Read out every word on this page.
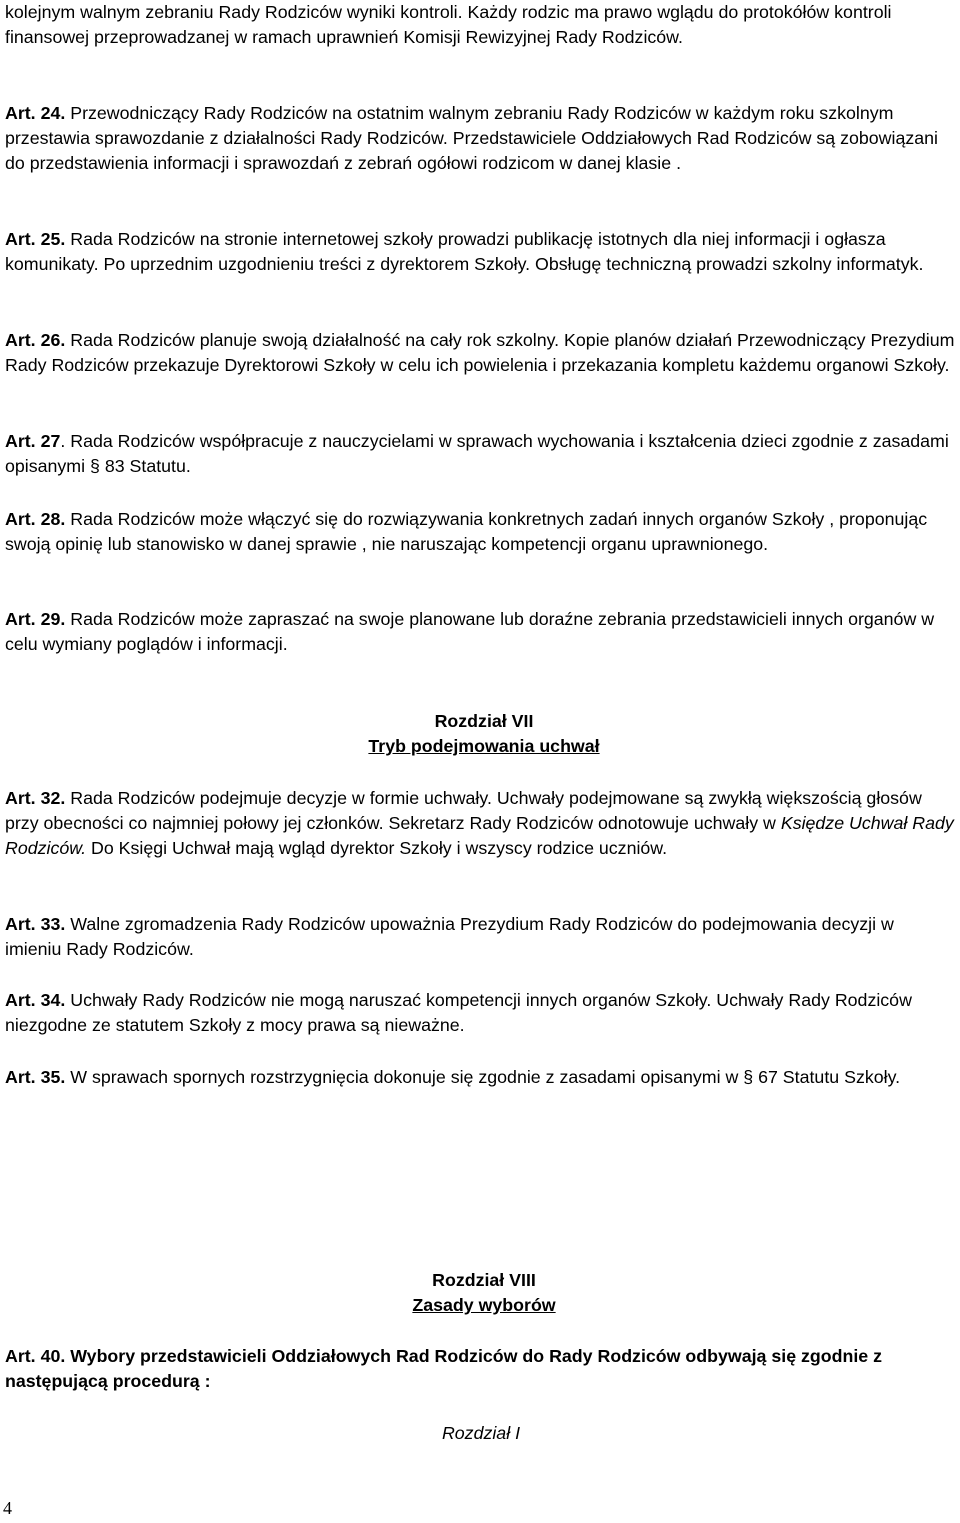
kolejnym walnym zebraniu Rady Rodziców wyniki kontroli. Każdy rodzic ma prawo wglądu do protokółów kontroli finansowej przeprowadzanej w ramach uprawnień Komisji Rewizyjnej Rady Rodziców.

Art. 24. Przewodniczący Rady Rodziców na ostatnim walnym zebraniu Rady Rodziców w każdym roku szkolnym przestawia sprawozdanie z działalności Rady Rodziców. Przedstawiciele Oddziałowych Rad Rodziców są zobowiązani do przedstawienia informacji i sprawozdań z zebrań ogółowi rodzicom w danej klasie .

Art. 25. Rada Rodziców na stronie internetowej szkoły prowadzi publikację istotnych dla niej informacji i ogłasza komunikaty. Po uprzednim uzgodnieniu treści z dyrektorem Szkoły. Obsługę techniczną prowadzi szkolny informatyk.

Art. 26. Rada Rodziców planuje swoją działalność na cały rok szkolny. Kopie planów działań Przewodniczący Prezydium Rady Rodziców przekazuje Dyrektorowi Szkoły w celu ich powielenia i przekazania kompletu każdemu organowi Szkoły.

Art. 27. Rada Rodziców współpracuje z nauczycielami w sprawach wychowania i kształcenia dzieci zgodnie z zasadami opisanymi § 83 Statutu.

Art. 28. Rada Rodziców może włączyć się do rozwiązywania konkretnych zadań innych organów Szkoły , proponując swoją opinię lub stanowisko w danej sprawie , nie naruszając kompetencji organu uprawnionego.

Art. 29. Rada Rodziców może zapraszać na swoje planowane lub doraźne zebrania przedstawicieli innych organów w celu wymiany poglądów i informacji.

Rozdział VII
Tryb podejmowania uchwał

Art. 32. Rada Rodziców podejmuje decyzje w formie uchwały. Uchwały podejmowane są zwykłą większością głosów przy obecności co najmniej połowy jej członków. Sekretarz Rady Rodziców odnotowuje uchwały w Księdze Uchwał Rady Rodziców. Do Księgi Uchwał mają wgląd dyrektor Szkoły i wszyscy rodzice uczniów.

Art. 33. Walne zgromadzenia Rady Rodziców upoważnia Prezydium Rady Rodziców do podejmowania decyzji w imieniu Rady Rodziców.

Art. 34. Uchwały Rady Rodziców nie mogą naruszać kompetencji innych organów Szkoły. Uchwały Rady Rodziców niezgodne ze statutem Szkoły z mocy prawa są nieważne.

Art. 35. W sprawach spornych rozstrzygnięcia dokonuje się zgodnie z zasadami opisanymi w § 67 Statutu Szkoły.

Rozdział VIII
Zasady wyborów

Art. 40. Wybory przedstawicieli Oddziałowych Rad Rodziców do Rady Rodziców odbywają się zgodnie z następującą procedurą :

Rozdział I
4
